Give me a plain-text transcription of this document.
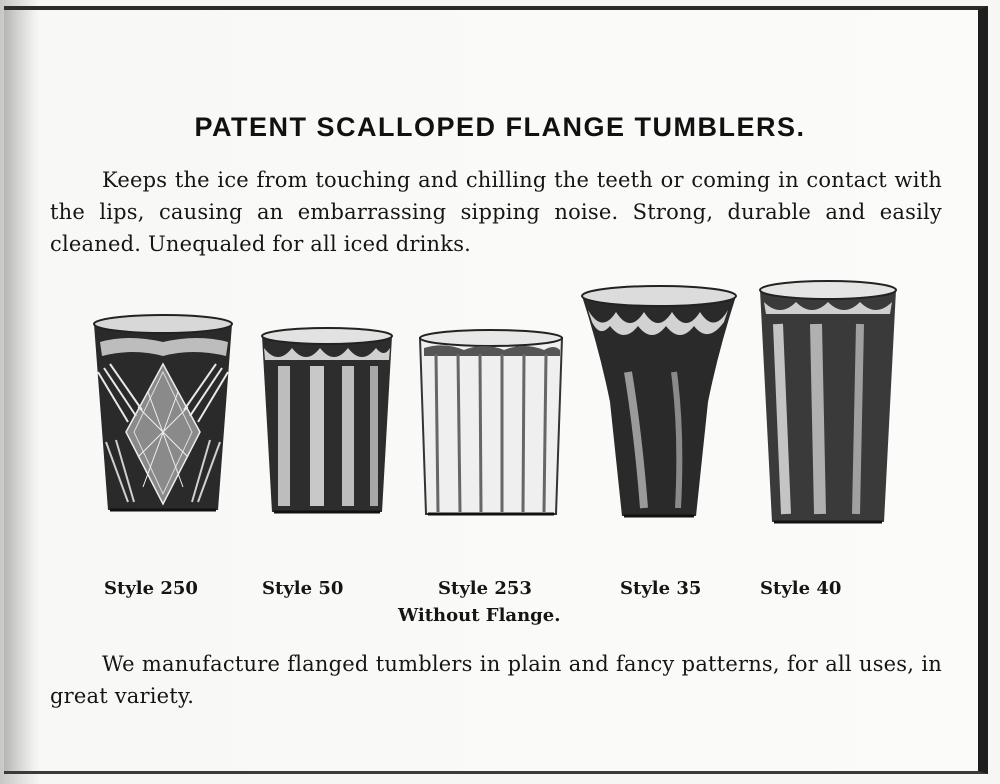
PATENT SCALLOPED FLANGE TUMBLERS.
Keeps the ice from touching and chilling the teeth or coming in contact with the lips, causing an embarrassing sipping noise. Strong, durable and easily cleaned. Unequaled for all iced drinks.
Style 250	Style 50	Style 253
Without Flange.
Style 35	Style 40
We manufacture flanged tumblers in plain and fancy patterns, for all uses, in great variety.
